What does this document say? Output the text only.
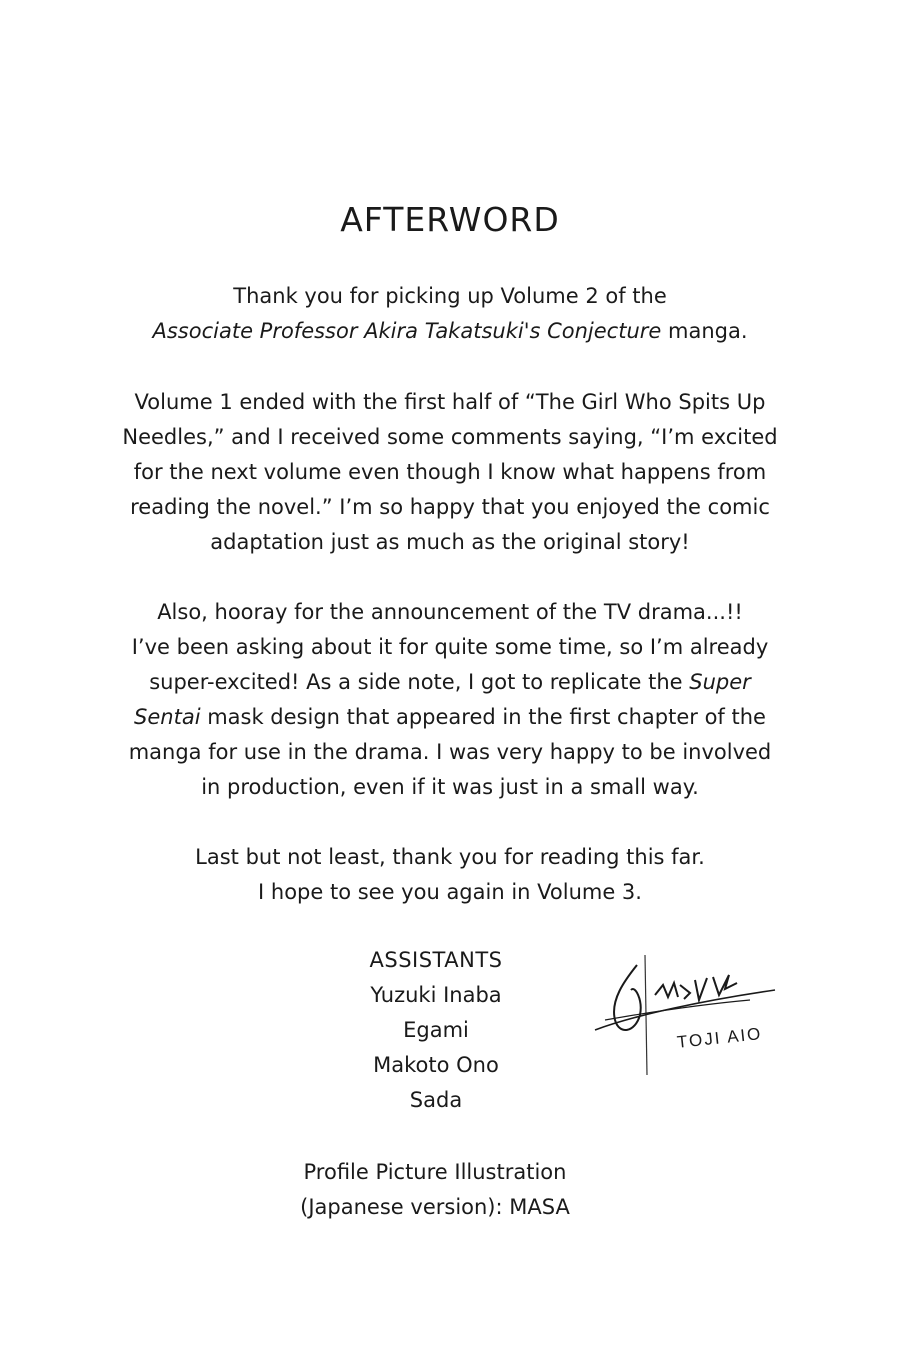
AFTERWORD
Thank you for picking up Volume 2 of the
Associate Professor Akira Takatsuki's Conjecture manga.
Volume 1 ended with the first half of “The Girl Who Spits Up
Needles,” and I received some comments saying, “I’m excited
for the next volume even though I know what happens from
reading the novel.” I’m so happy that you enjoyed the comic
adaptation just as much as the original story!
Also, hooray for the announcement of the TV drama...!!
I’ve been asking about it for quite some time, so I’m already
super-excited! As a side note, I got to replicate the Super
Sentai mask design that appeared in the first chapter of the
manga for use in the drama. I was very happy to be involved
in production, even if it was just in a small way.
Last but not least, thank you for reading this far.
I hope to see you again in Volume 3.
ASSISTANTS
Yuzuki Inaba
Egami
Makoto Ono
Sada
TOJI AIO
Profile Picture Illustration
(Japanese version): MASA
